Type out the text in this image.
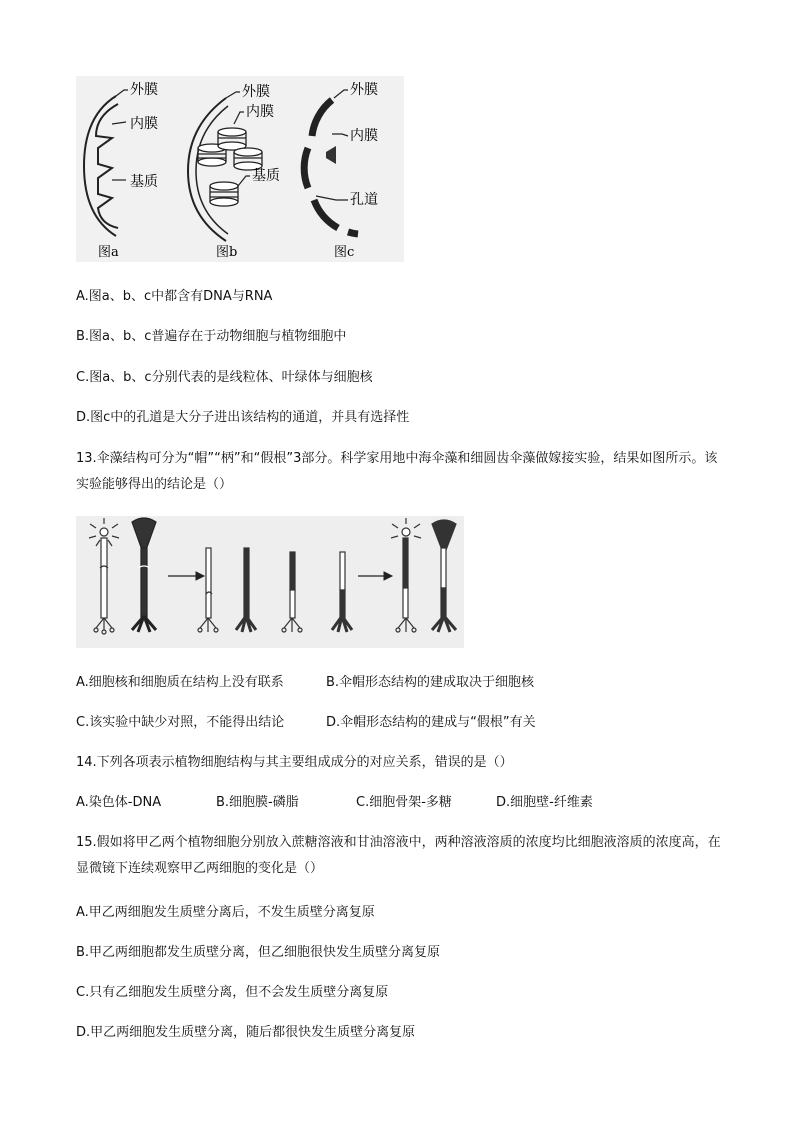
外膜
内膜
基质
图a
外膜
内膜
基质
图b
外膜
内膜
孔道
图c
A.图a、b、c中都含有DNA与RNA
B.图a、b、c普遍存在于动物细胞与植物细胞中
C.图a、b、c分别代表的是线粒体、叶绿体与细胞核
D.图c中的孔道是大分子进出该结构的通道，并具有选择性
13.伞藻结构可分为“帽”“柄”和“假根”3部分。科学家用地中海伞藻和细圆齿伞藻做嫁接实验，结果如图所示。该实验能够得出的结论是（）
A.细胞核和细胞质在结构上没有联系	B.伞帽形态结构的建成取决于细胞核
C.该实验中缺少对照，不能得出结论	D.伞帽形态结构的建成与“假根”有关
14.下列各项表示植物细胞结构与其主要组成成分的对应关系，错误的是（）
A.染色体-DNA	B.细胞膜-磷脂	C.细胞骨架-多糖	D.细胞壁-纤维素
15.假如将甲乙两个植物细胞分别放入蔗糖溶液和甘油溶液中，两种溶液溶质的浓度均比细胞液溶质的浓度高，在显微镜下连续观察甲乙两细胞的变化是（）
A.甲乙两细胞发生质壁分离后，不发生质壁分离复原
B.甲乙两细胞都发生质壁分离，但乙细胞很快发生质壁分离复原
C.只有乙细胞发生质壁分离，但不会发生质壁分离复原
D.甲乙两细胞发生质壁分离，随后都很快发生质壁分离复原
